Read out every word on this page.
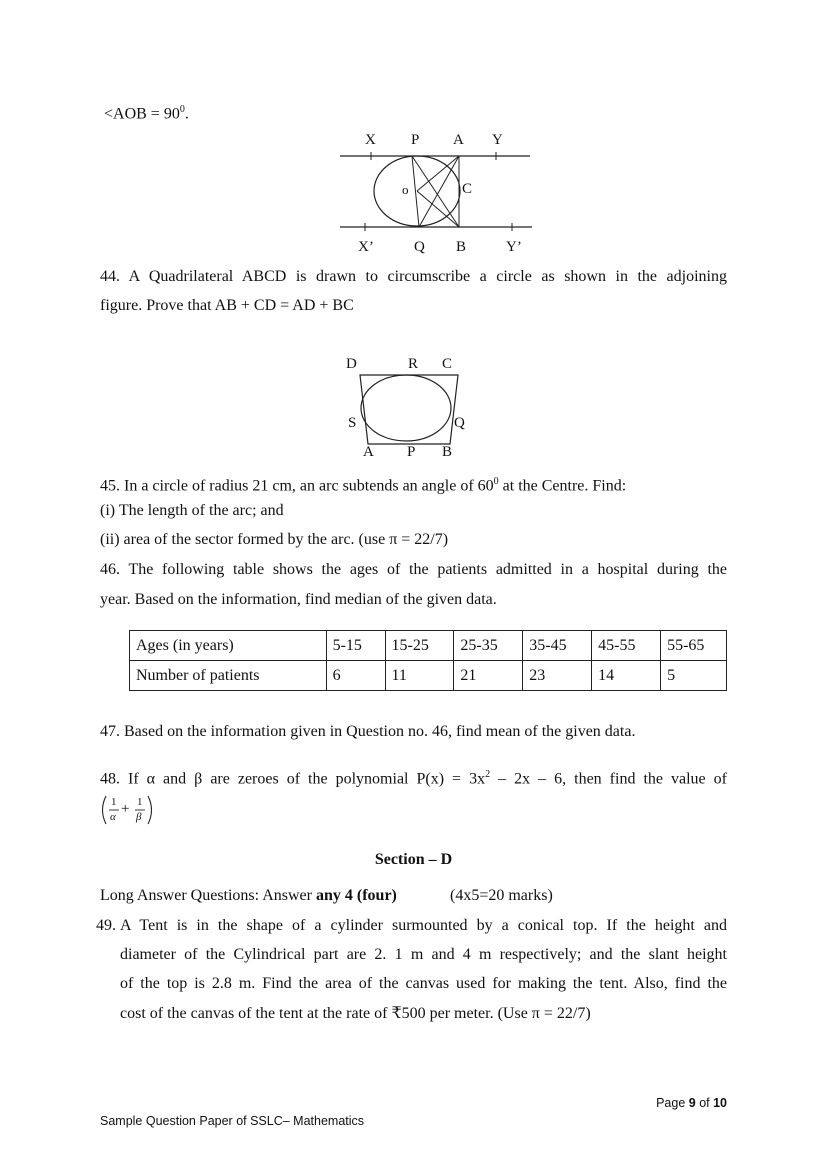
$<AOB = 90^0$.
X P A Y
o	C
X’	Q B	Y’
44. A Quadrilateral ABCD is drawn to circumscribe a circle as shown in the adjoining
figure. Prove that AB + CD = AD + BC
D	R C
S	Q
A P B
45. In a circle of radius 21 cm, an arc subtends an angle of $60^0$ at the Centre. Find:
(i) The length of the arc; and
(ii) area of the sector formed by the arc. (use π = 22/7)
46. The following table shows the ages of the patients admitted in a hospital during the
year. Based on the information, find median of the given data.
Ages (in years)	5-15	15-25	25-35	35-45	45-55	55-65
Number of patients	6	11	21	23	14	5
47. Based on the information given in Question no. 46, find mean of the given data.
48. If α and β are zeroes of the polynomial $P(x) = 3x^2 - 2x - 6$, then find the value of
1
α + 1
β
Section – D
Long Answer Questions: Answer any 4 (four)	(4x5=20 marks)
49. A Tent is in the shape of a cylinder surmounted by a conical top. If the height and
diameter of the Cylindrical part are 2. 1 m and 4 m respectively; and the slant height
of the top is 2.8 m. Find the area of the canvas used for making the tent. Also, find the
cost of the canvas of the tent at the rate of ₹500 per meter. (Use π = 22/7)
Page 9 of 10
Sample Question Paper of SSLC– Mathematics
